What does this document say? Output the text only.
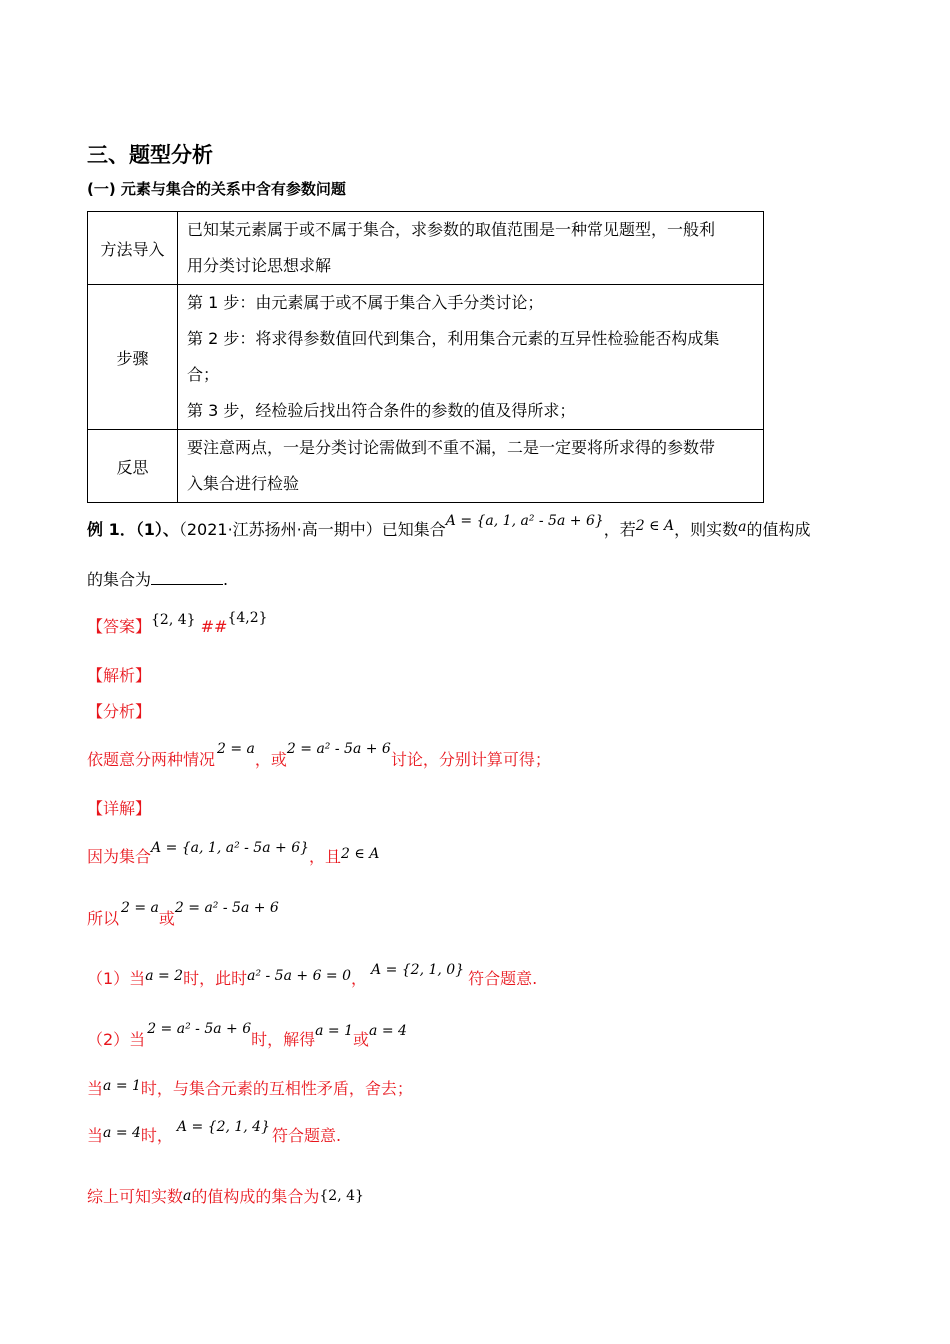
三、题型分析
(一) 元素与集合的关系中含有参数问题
方法导入	已知某元素属于或不属于集合，求参数的取值范围是一种常见题型，一般利
用分类讨论思想求解

步骤	第 1 步：由元素属于或不属于集合入手分类讨论；
第 2 步：将求得参数值回代到集合，利用集合元素的互异性检验能否构成集
合；
第 3 步，经检验后找出符合条件的参数的值及得所求；

反思	要注意两点，一是分类讨论需做到不重不漏，二是一定要将所求得的参数带
入集合进行检验
例 1．（1）、（2021·江苏扬州·高一期中）已知集合A = {a, 1, a² - 5a + 6}，若2 ∈ A，则实数a的值构成
的集合为	.
【答案】{2, 4} ##{4,2}
【解析】
【分析】
依题意分两种情况2 = a，或2 = a² - 5a + 6讨论，分别计算可得；
【详解】
因为集合A = {a, 1, a² - 5a + 6}，且2 ∈ A
所以2 = a或2 = a² - 5a + 6
（1）当a = 2时，此时a² - 5a + 6 = 0， A = {2, 1, 0} 符合题意.
（2）当2 = a² - 5a + 6时，解得a = 1或a = 4
当a = 1时，与集合元素的互相性矛盾，舍去；
当a = 4时， A = {2, 1, 4} 符合题意.
综上可知实数a的值构成的集合为{2, 4}
